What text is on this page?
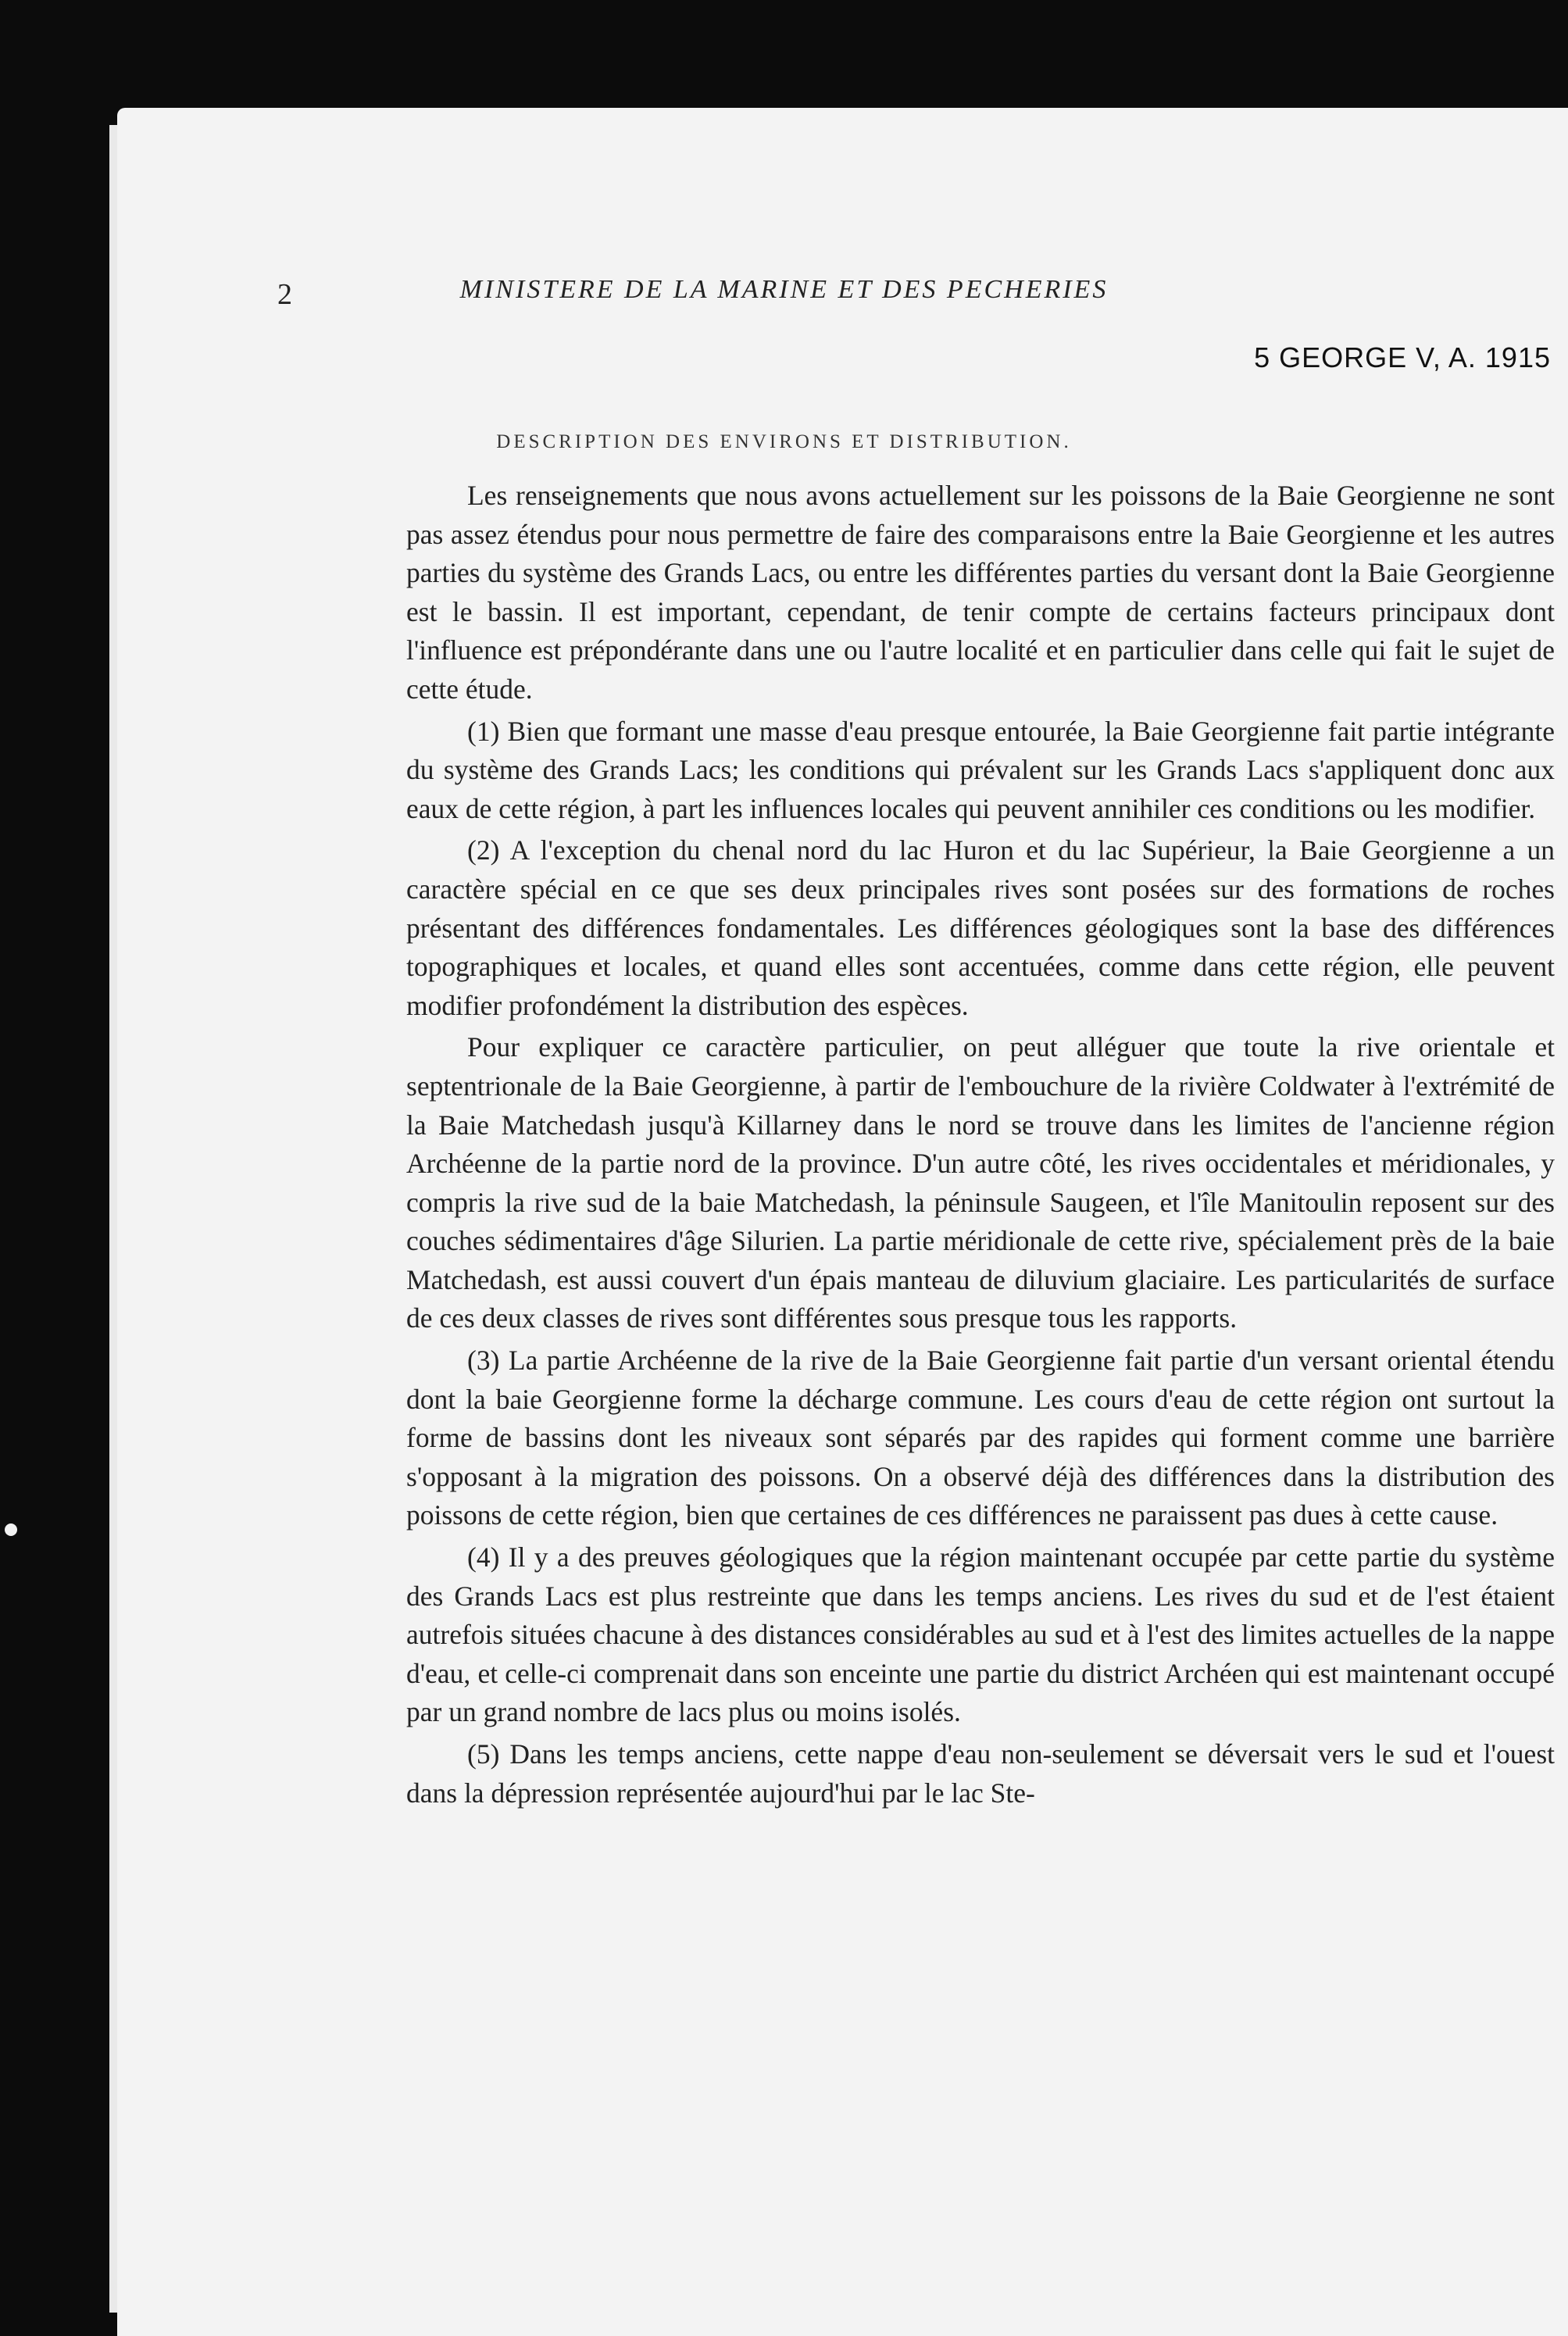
2	MINISTERE DE LA MARINE ET DES PECHERIES
5 GEORGE V, A. 1915
DESCRIPTION DES ENVIRONS ET DISTRIBUTION.

Les renseignements que nous avons actuellement sur les poissons de la Baie Georgienne ne sont pas assez étendus pour nous permettre de faire des comparaisons entre la Baie Georgienne et les autres parties du système des Grands Lacs, ou entre les différentes parties du versant dont la Baie Georgienne est le bassin. Il est important, cependant, de tenir compte de certains facteurs principaux dont l'influence est prépondérante dans une ou l'autre localité et en particulier dans celle qui fait le sujet de cette étude.

(1) Bien que formant une masse d'eau presque entourée, la Baie Georgienne fait partie intégrante du système des Grands Lacs; les conditions qui prévalent sur les Grands Lacs s'appliquent donc aux eaux de cette région, à part les influences locales qui peuvent annihiler ces conditions ou les modifier.

(2) A l'exception du chenal nord du lac Huron et du lac Supérieur, la Baie Georgienne a un caractère spécial en ce que ses deux principales rives sont posées sur des formations de roches présentant des différences fondamentales. Les différences géologiques sont la base des différences topographiques et locales, et quand elles sont accentuées, comme dans cette région, elle peuvent modifier profondément la distribution des espèces.

Pour expliquer ce caractère particulier, on peut alléguer que toute la rive orientale et septentrionale de la Baie Georgienne, à partir de l'embouchure de la rivière Coldwater à l'extrémité de la Baie Matchedash jusqu'à Killarney dans le nord se trouve dans les limites de l'ancienne région Archéenne de la partie nord de la province. D'un autre côté, les rives occidentales et méridionales, y compris la rive sud de la baie Matchedash, la péninsule Saugeen, et l'île Manitoulin reposent sur des couches sédimentaires d'âge Silurien. La partie méridionale de cette rive, spécialement près de la baie Matchedash, est aussi couvert d'un épais manteau de diluvium glaciaire. Les particularités de surface de ces deux classes de rives sont différentes sous presque tous les rapports.

(3) La partie Archéenne de la rive de la Baie Georgienne fait partie d'un versant oriental étendu dont la baie Georgienne forme la décharge commune. Les cours d'eau de cette région ont surtout la forme de bassins dont les niveaux sont séparés par des rapides qui forment comme une barrière s'opposant à la migration des poissons. On a observé déjà des différences dans la distribution des poissons de cette région, bien que certaines de ces différences ne paraissent pas dues à cette cause.

(4) Il y a des preuves géologiques que la région maintenant occupée par cette partie du système des Grands Lacs est plus restreinte que dans les temps anciens. Les rives du sud et de l'est étaient autrefois situées chacune à des distances considérables au sud et à l'est des limites actuelles de la nappe d'eau, et celle-ci comprenait dans son enceinte une partie du district Archéen qui est maintenant occupé par un grand nombre de lacs plus ou moins isolés.

(5) Dans les temps anciens, cette nappe d'eau non-seulement se déversait vers le sud et l'ouest dans la dépression représentée aujourd'hui par le lac Ste-
